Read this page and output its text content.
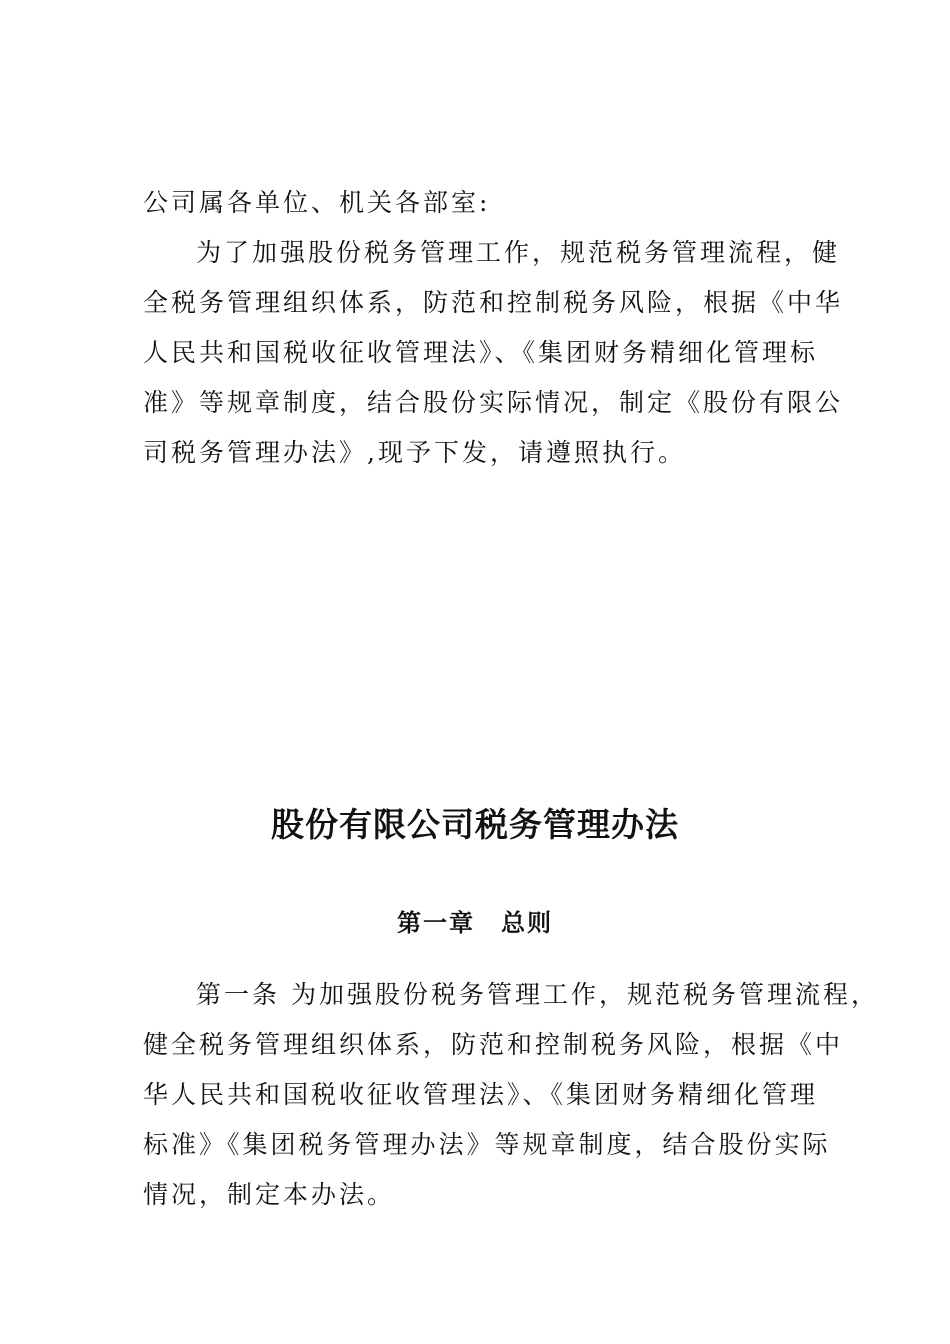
公司属各单位、机关各部室:
为了加强股份税务管理工作，规范税务管理流程，健
全税务管理组织体系，防范和控制税务风险，根据《中华
人民共和国税收征收管理法》、《集团财务精细化管理标
准》等规章制度，结合股份实际情况，制定《股份有限公
司税务管理办法》,现予下发，请遵照执行。
股份有限公司税务管理办法
第一章　总则
第一条 为加强股份税务管理工作，规范税务管理流程，
健全税务管理组织体系，防范和控制税务风险，根据《中
华人民共和国税收征收管理法》、《集团财务精细化管理
标准》《集团税务管理办法》等规章制度，结合股份实际
情况，制定本办法。
